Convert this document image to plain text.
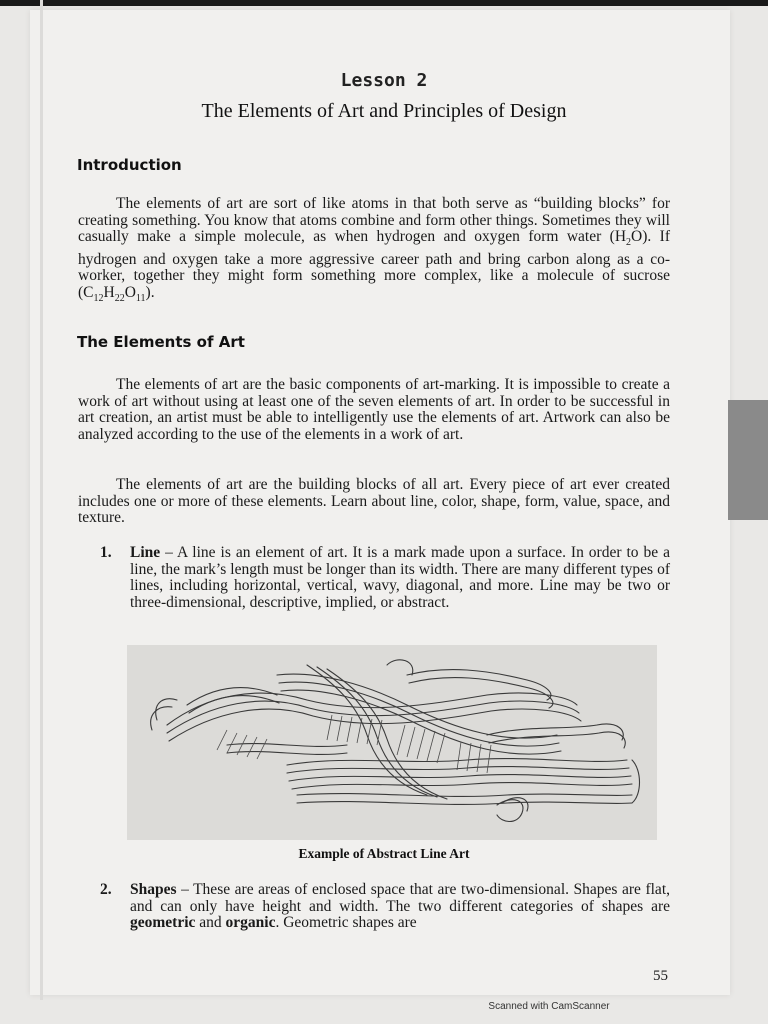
Lesson 2
The Elements of Art and Principles of Design
Introduction
The elements of art are sort of like atoms in that both serve as “building blocks” for creating something. You know that atoms combine and form other things. Sometimes they will casually make a simple molecule, as when hydrogen and oxygen form water $(H_2O)$. If hydrogen and oxygen take a more aggressive career path and bring carbon along as a co-worker, together they might form something more complex, like a molecule of sucrose $(C_{12}H_{22}O_{11})$.
The Elements of Art
The elements of art are the basic components of art-marking. It is impossible to create a work of art without using at least one of the seven elements of art. In order to be successful in art creation, an artist must be able to intelligently use the elements of art. Artwork can also be analyzed according to the use of the elements in a work of art.
The elements of art are the building blocks of all art. Every piece of art ever created includes one or more of these elements. Learn about line, color, shape, form, value, space, and texture.
1. Line – A line is an element of art. It is a mark made upon a surface. In order to be a line, the mark’s length must be longer than its width. There are many different types of lines, including horizontal, vertical, wavy, diagonal, and more. Line may be two or three-dimensional, descriptive, implied, or abstract.
Example of Abstract Line Art
2. Shapes – These are areas of enclosed space that are two-dimensional. Shapes are flat, and can only have height and width. The two different categories of shapes are geometric and organic. Geometric shapes are
55
Scanned with CamScanner
